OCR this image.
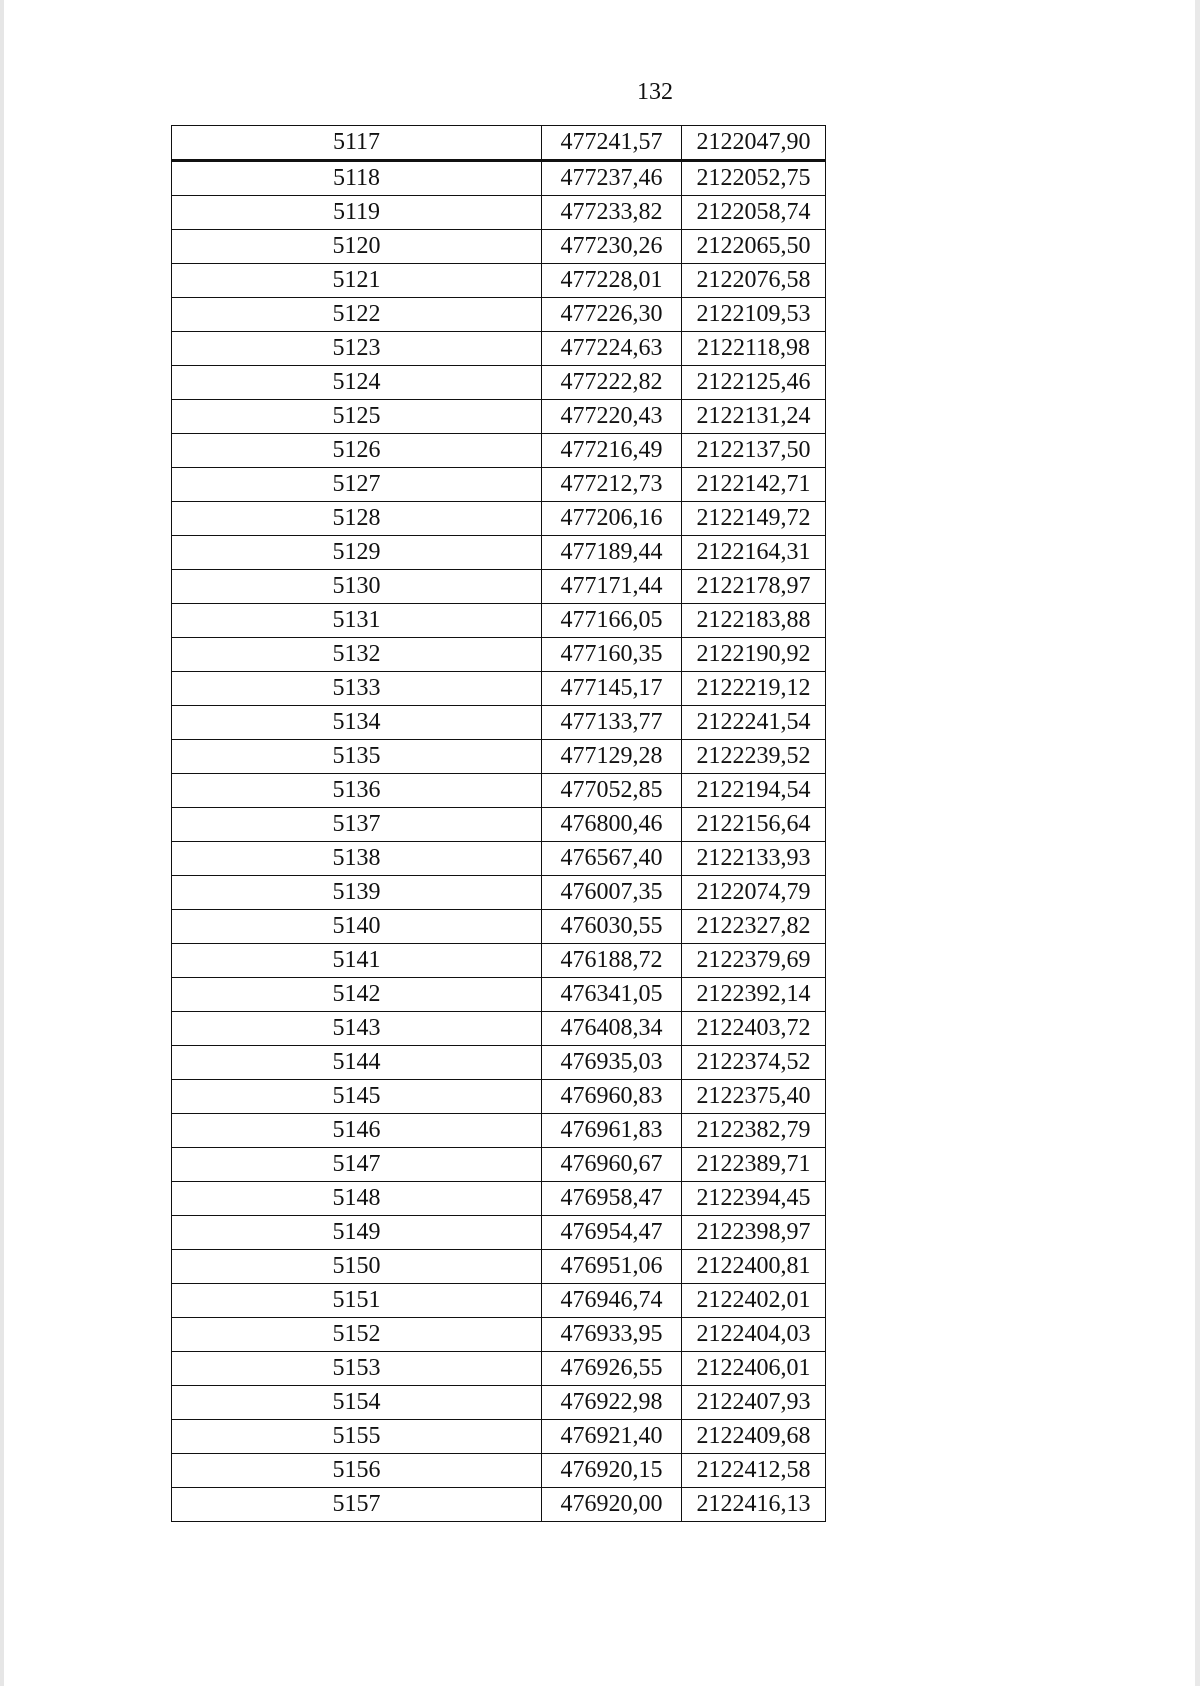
132
5117	477241,57	2122047,90
5118	477237,46	2122052,75
5119	477233,82	2122058,74
5120	477230,26	2122065,50
5121	477228,01	2122076,58
5122	477226,30	2122109,53
5123	477224,63	2122118,98
5124	477222,82	2122125,46
5125	477220,43	2122131,24
5126	477216,49	2122137,50
5127	477212,73	2122142,71
5128	477206,16	2122149,72
5129	477189,44	2122164,31
5130	477171,44	2122178,97
5131	477166,05	2122183,88
5132	477160,35	2122190,92
5133	477145,17	2122219,12
5134	477133,77	2122241,54
5135	477129,28	2122239,52
5136	477052,85	2122194,54
5137	476800,46	2122156,64
5138	476567,40	2122133,93
5139	476007,35	2122074,79
5140	476030,55	2122327,82
5141	476188,72	2122379,69
5142	476341,05	2122392,14
5143	476408,34	2122403,72
5144	476935,03	2122374,52
5145	476960,83	2122375,40
5146	476961,83	2122382,79
5147	476960,67	2122389,71
5148	476958,47	2122394,45
5149	476954,47	2122398,97
5150	476951,06	2122400,81
5151	476946,74	2122402,01
5152	476933,95	2122404,03
5153	476926,55	2122406,01
5154	476922,98	2122407,93
5155	476921,40	2122409,68
5156	476920,15	2122412,58
5157	476920,00	2122416,13
